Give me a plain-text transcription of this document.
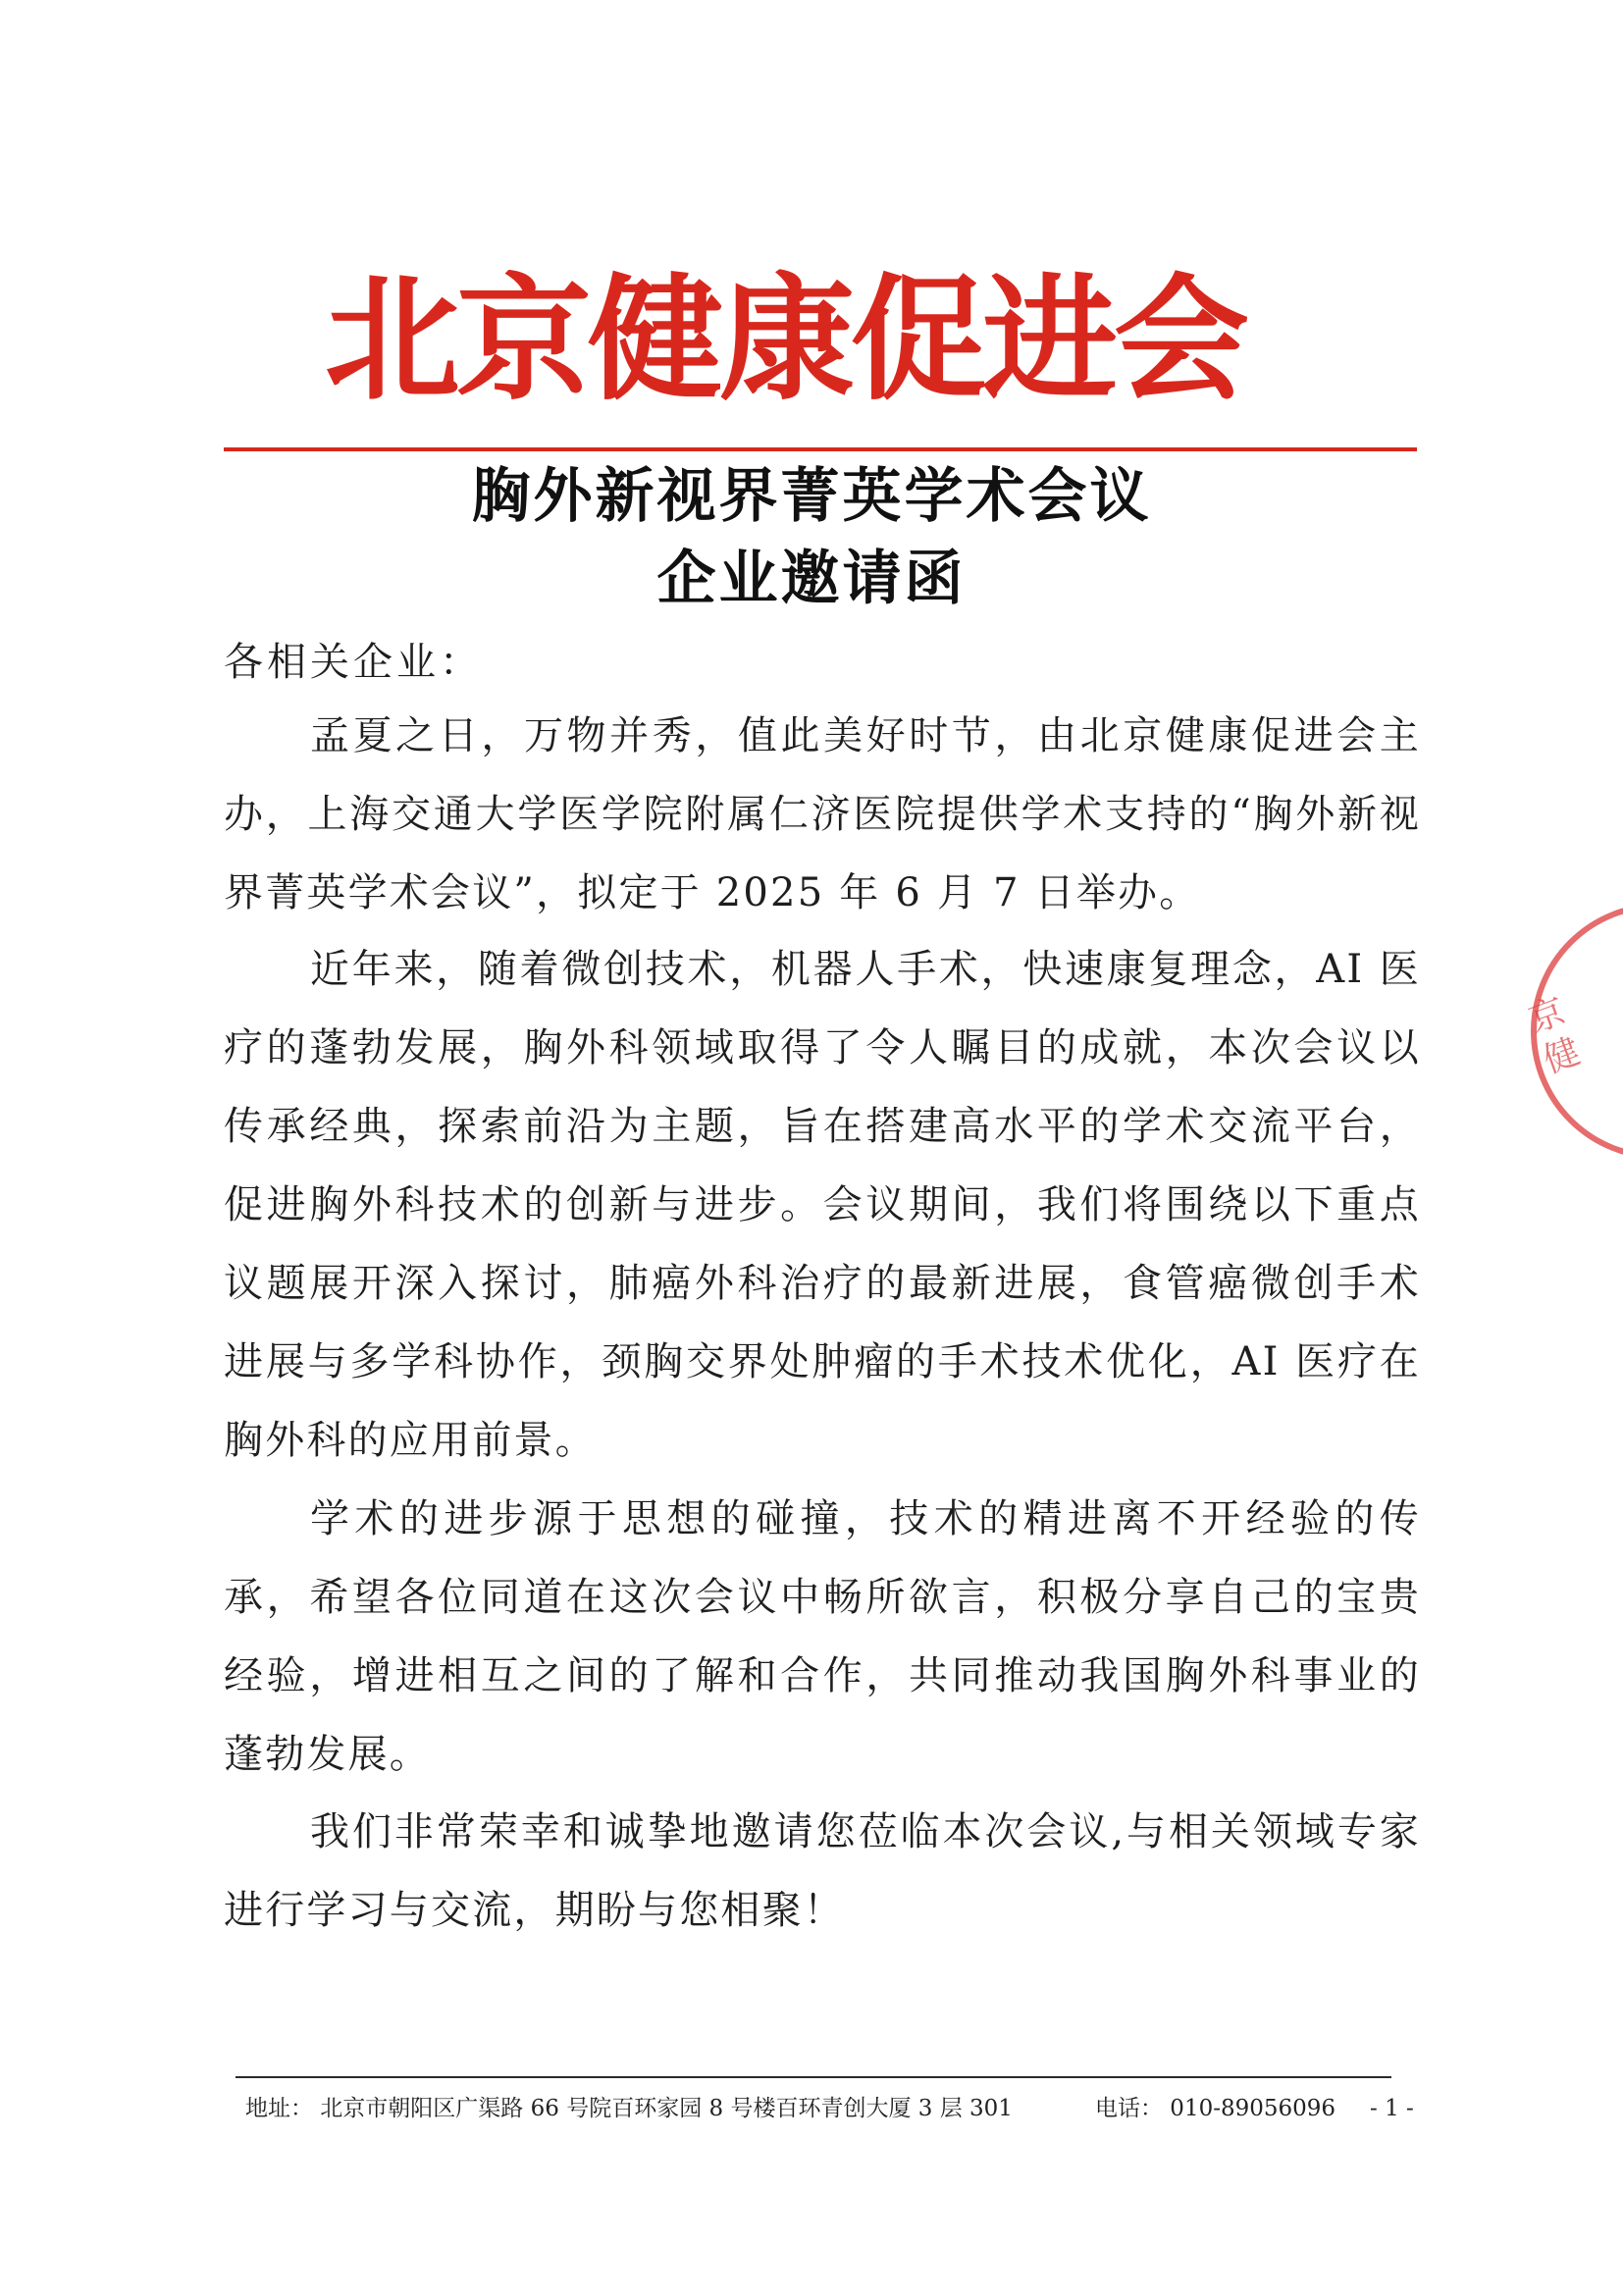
北京健康促进会
胸外新视界菁英学术会议
企业邀请函
各相关企业：

孟夏之日，万物并秀，值此美好时节，由北京健康促进会主办，上海交通大学医学院附属仁济医院提供学术支持的“胸外新视界菁英学术会议”，拟定于 2025 年 6 月 7 日举办。

近年来，随着微创技术，机器人手术，快速康复理念，AI 医疗的蓬勃发展，胸外科领域取得了令人瞩目的成就，本次会议以传承经典，探索前沿为主题，旨在搭建高水平的学术交流平台，促进胸外科技术的创新与进步。会议期间，我们将围绕以下重点议题展开深入探讨，肺癌外科治疗的最新进展，食管癌微创手术进展与多学科协作，颈胸交界处肿瘤的手术技术优化，AI 医疗在胸外科的应用前景。

学术的进步源于思想的碰撞，技术的精进离不开经验的传承，希望各位同道在这次会议中畅所欲言，积极分享自己的宝贵经验，增进相互之间的了解和合作，共同推动我国胸外科事业的蓬勃发展。

我们非常荣幸和诚挚地邀请您莅临本次会议,与相关领域专家进行学习与交流，期盼与您相聚！

京健
地址： 北京市朝阳区广渠路 66 号院百环家园 8 号楼百环青创大厦 3 层 301	电话： 010-89056096 - 1 -
